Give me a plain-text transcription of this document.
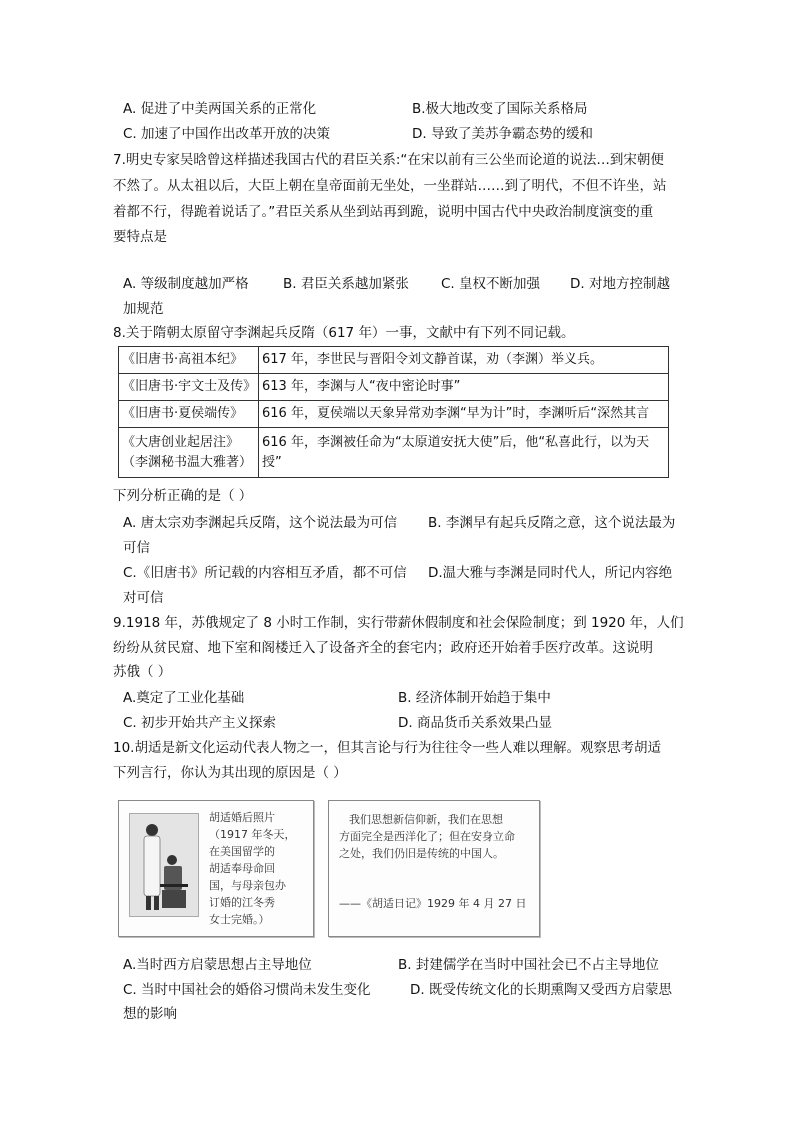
A. 促进了中美两国关系的正常化	B.极大地改变了国际关系格局
C. 加速了中国作出改革开放的决策	D. 导致了美苏争霸态势的缓和
7.明史专家吴晗曾这样描述我国古代的君臣关系:“在宋以前有三公坐而论道的说法…到宋朝便
不然了。从太祖以后，大臣上朝在皇帝面前无坐处，一坐群站……到了明代，不但不许坐，站
着都不行，得跪着说话了。”君臣关系从坐到站再到跪，说明中国古代中央政治制度演变的重
要特点是
A. 等级制度越加严格	B. 君臣关系越加紧张 C. 皇权不断加强 D. 对地方控制越
加规范
8.关于隋朝太原留守李渊起兵反隋（617 年）一事，文献中有下列不同记载。
《旧唐书·高祖本纪》	617 年，李世民与晋阳令刘文静首谋，劝（李渊）举义兵。
《旧唐书·宇文士及传》	613 年，李渊与人“夜中密论时事”
《旧唐书·夏侯端传》	616 年，夏侯端以天象异常劝李渊“早为计”时，李渊听后“深然其言
《大唐创业起居注》（李渊秘书温大雅著）	616 年，李渊被任命为“太原道安抚大使”后，他“私喜此行，以为天授”
下列分析正确的是（ ）
A. 唐太宗劝李渊起兵反隋，这个说法最为可信 B. 李渊早有起兵反隋之意，这个说法最为
可信
C.《旧唐书》所记载的内容相互矛盾，都不可信 D.温大雅与李渊是同时代人，所记内容绝
对可信
9.1918 年，苏俄规定了 8 小时工作制，实行带薪休假制度和社会保险制度；到 1920 年，人们
纷纷从贫民窟、地下室和阁楼迁入了设备齐全的套宅内；政府还开始着手医疗改革。这说明
苏俄（ ）
A.奠定了工业化基础	B. 经济体制开始趋于集中
C. 初步开始共产主义探索	D. 商品货币关系效果凸显
10.胡适是新文化运动代表人物之一，但其言论与行为往往令一些人难以理解。观察思考胡适
下列言行，你认为其出现的原因是（ ）
胡适婚后照片
（1917 年冬天，
在美国留学的
胡适奉母命回
国，与母亲包办
订婚的江冬秀
女士完婚。）
我们思想新信仰新，我们在思想
方面完全是西洋化了；但在安身立命
之处，我们仍旧是传统的中国人。
——《胡适日记》1929 年 4 月 27 日
A.当时西方启蒙思想占主导地位	B. 封建儒学在当时中国社会已不占主导地位
C. 当时中国社会的婚俗习惯尚未发生变化	D. 既受传统文化的长期熏陶又受西方启蒙思
想的影响
